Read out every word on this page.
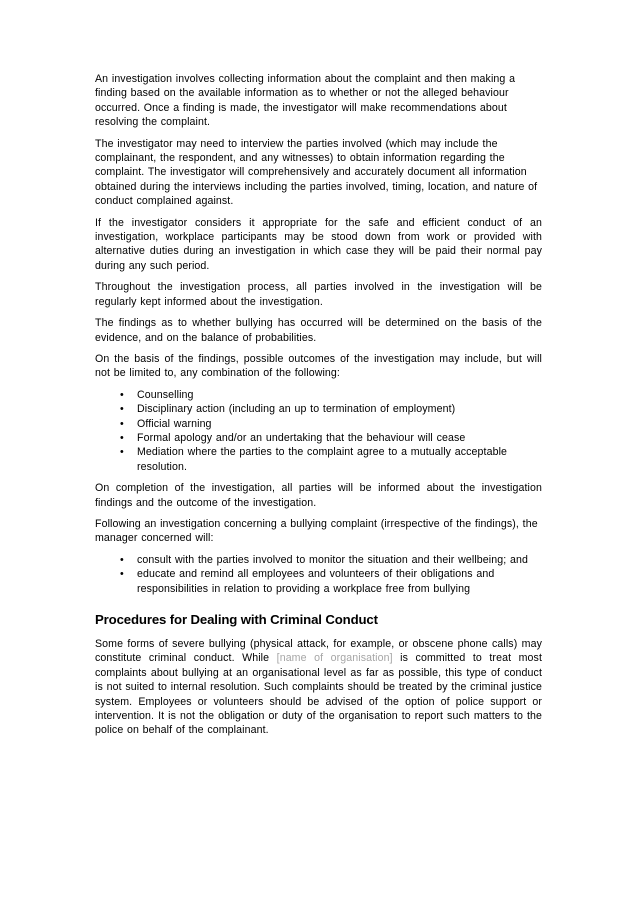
An investigation involves collecting information about the complaint and then making a finding based on the available information as to whether or not the alleged behaviour occurred. Once a finding is made, the investigator will make recommendations about resolving the complaint.

The investigator may need to interview the parties involved (which may include the complainant, the respondent, and any witnesses) to obtain information regarding the complaint. The investigator will comprehensively and accurately document all information obtained during the interviews including the parties involved, timing, location, and nature of conduct complained against.

If the investigator considers it appropriate for the safe and efficient conduct of an investigation, workplace participants may be stood down from work or provided with alternative duties during an investigation in which case they will be paid their normal pay during any such period.

Throughout the investigation process, all parties involved in the investigation will be regularly kept informed about the investigation.

The findings as to whether bullying has occurred will be determined on the basis of the evidence, and on the balance of probabilities.

On the basis of the findings, possible outcomes of the investigation may include, but will not be limited to, any combination of the following:

• Counselling
• Disciplinary action (including an up to termination of employment)
• Official warning
• Formal apology and/or an undertaking that the behaviour will cease
• Mediation where the parties to the complaint agree to a mutually acceptable resolution.

On completion of the investigation, all parties will be informed about the investigation findings and the outcome of the investigation.

Following an investigation concerning a bullying complaint (irrespective of the findings), the manager concerned will:

• consult with the parties involved to monitor the situation and their wellbeing; and
• educate and remind all employees and volunteers of their obligations and responsibilities in relation to providing a workplace free from bullying
Procedures for Dealing with Criminal Conduct

Some forms of severe bullying (physical attack, for example, or obscene phone calls) may constitute criminal conduct. While [name of organisation] is committed to treat most complaints about bullying at an organisational level as far as possible, this type of conduct is not suited to internal resolution. Such complaints should be treated by the criminal justice system. Employees or volunteers should be advised of the option of police support or intervention. It is not the obligation or duty of the organisation to report such matters to the police on behalf of the complainant.
